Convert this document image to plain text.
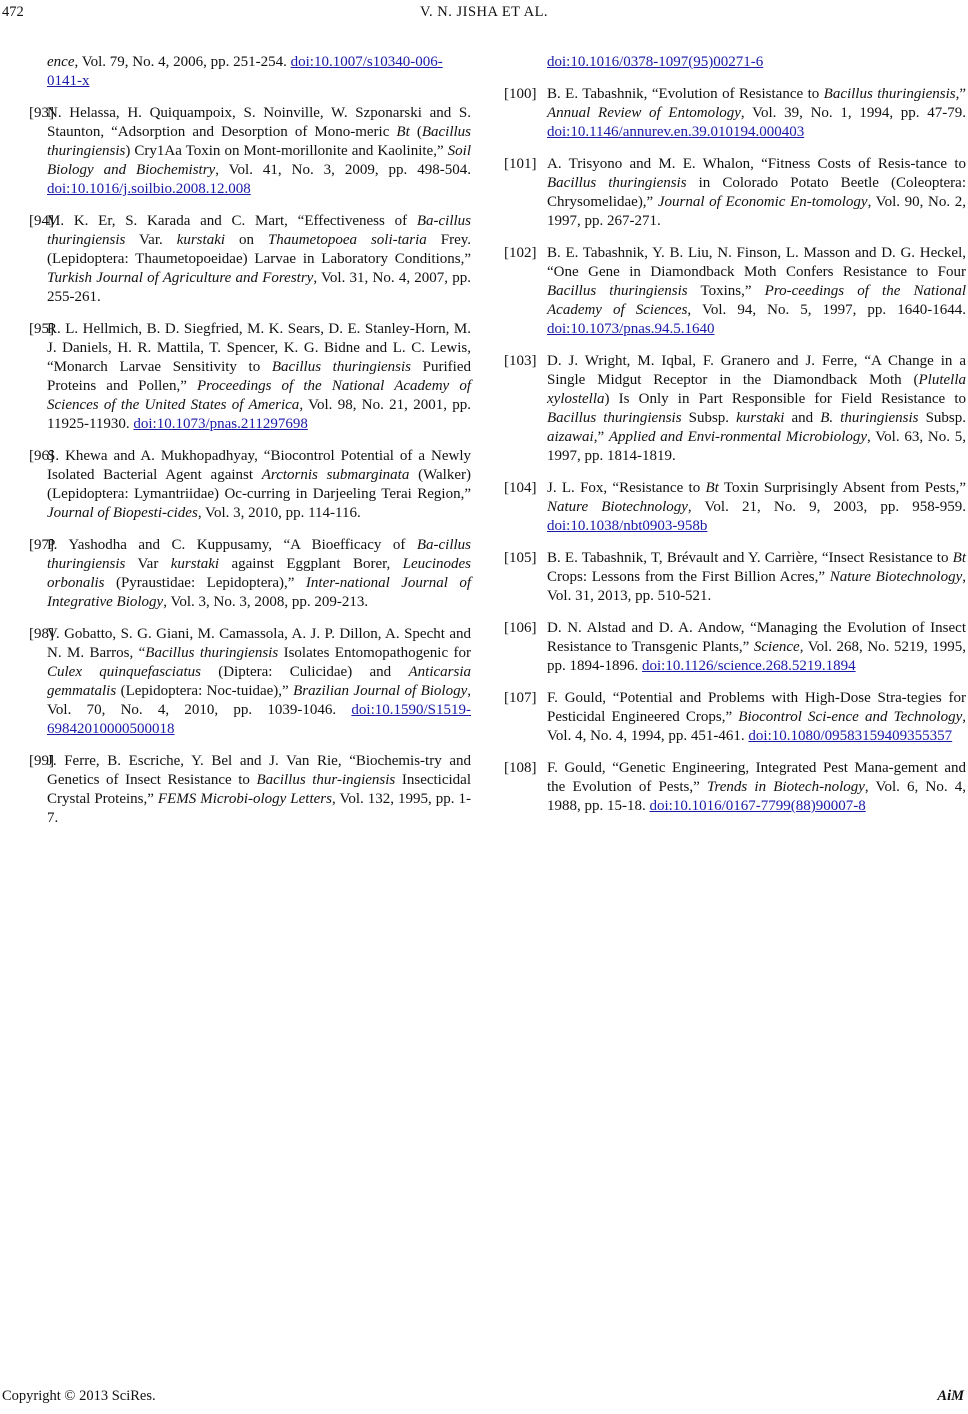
472	V. N. JISHA ET AL.
ence, Vol. 79, No. 4, 2006, pp. 251-254. doi:10.1007/s10340-006-0141-x
[93]
N. Helassa, H. Quiquampoix, S. Noinville, W. Szponarski and S. Staunton, “Adsorption and Desorption of Mono-meric Bt (Bacillus thuringiensis) Cry1Aa Toxin on Mont-morillonite and Kaolinite,” Soil Biology and Biochemistry, Vol. 41, No. 3, 2009, pp. 498-504. doi:10.1016/j.soilbio.2008.12.008
[94]
M. K. Er, S. Karada and C. Mart, “Effectiveness of Ba-cillus thuringiensis Var. kurstaki on Thaumetopoea soli-taria Frey. (Lepidoptera: Thaumetopoeidae) Larvae in Laboratory Conditions,” Turkish Journal of Agriculture and Forestry, Vol. 31, No. 4, 2007, pp. 255-261.
[95]
R. L. Hellmich, B. D. Siegfried, M. K. Sears, D. E. Stanley-Horn, M. J. Daniels, H. R. Mattila, T. Spencer, K. G. Bidne and L. C. Lewis, “Monarch Larvae Sensitivity to Bacillus thuringiensis Purified Proteins and Pollen,” Proceedings of the National Academy of Sciences of the United States of America, Vol. 98, No. 21, 2001, pp. 11925-11930. doi:10.1073/pnas.211297698
[96]
S. Khewa and A. Mukhopadhyay, “Biocontrol Potential of a Newly Isolated Bacterial Agent against Arctornis submarginata (Walker) (Lepidoptera: Lymantriidae) Oc-curring in Darjeeling Terai Region,” Journal of Biopesti-cides, Vol. 3, 2010, pp. 114-116.
[97]
P. Yashodha and C. Kuppusamy, “A Bioefficacy of Ba-cillus thuringiensis Var kurstaki against Eggplant Borer, Leucinodes orbonalis (Pyraustidae: Lepidoptera),” Inter-national Journal of Integrative Biology, Vol. 3, No. 3, 2008, pp. 209-213.
[98]
V. Gobatto, S. G. Giani, M. Camassola, A. J. P. Dillon, A. Specht and N. M. Barros, “Bacillus thuringiensis Isolates Entomopathogenic for Culex quinquefasciatus (Diptera: Culicidae) and Anticarsia gemmatalis (Lepidoptera: Noc-tuidae),” Brazilian Journal of Biology, Vol. 70, No. 4, 2010, pp. 1039-1046. doi:10.1590/S1519-69842010000500018
[99]
J. Ferre, B. Escriche, Y. Bel and J. Van Rie, “Biochemis-try and Genetics of Insect Resistance to Bacillus thur-ingiensis Insecticidal Crystal Proteins,” FEMS Microbi-ology Letters, Vol. 132, 1995, pp. 1-7.
doi:10.1016/0378-1097(95)00271-6
[100] B. E. Tabashnik, “Evolution of Resistance to Bacillus thuringiensis,” Annual Review of Entomology, Vol. 39, No. 1, 1994, pp. 47-79. doi:10.1146/annurev.en.39.010194.000403
[101] A. Trisyono and M. E. Whalon, “Fitness Costs of Resis-tance to Bacillus thuringiensis in Colorado Potato Beetle (Coleoptera: Chrysomelidae),” Journal of Economic En-tomology, Vol. 90, No. 2, 1997, pp. 267-271.
[102] B. E. Tabashnik, Y. B. Liu, N. Finson, L. Masson and D. G. Heckel, “One Gene in Diamondback Moth Confers Resistance to Four Bacillus thuringiensis Toxins,” Pro-ceedings of the National Academy of Sciences, Vol. 94, No. 5, 1997, pp. 1640-1644. doi:10.1073/pnas.94.5.1640
[103] D. J. Wright, M. Iqbal, F. Granero and J. Ferre, “A Change in a Single Midgut Receptor in the Diamondback Moth (Plutella xylostella) Is Only in Part Responsible for Field Resistance to Bacillus thuringiensis Subsp. kurstaki and B. thuringiensis Subsp. aizawai,” Applied and Envi-ronmental Microbiology, Vol. 63, No. 5, 1997, pp. 1814-1819.
[104] J. L. Fox, “Resistance to Bt Toxin Surprisingly Absent from Pests,” Nature Biotechnology, Vol. 21, No. 9, 2003, pp. 958-959. doi:10.1038/nbt0903-958b
[105] B. E. Tabashnik, T, Brévault and Y. Carrière, “Insect Resistance to Bt Crops: Lessons from the First Billion Acres,” Nature Biotechnology, Vol. 31, 2013, pp. 510-521.
[106] D. N. Alstad and D. A. Andow, “Managing the Evolution of Insect Resistance to Transgenic Plants,” Science, Vol. 268, No. 5219, 1995, pp. 1894-1896. doi:10.1126/science.268.5219.1894
[107] F. Gould, “Potential and Problems with High-Dose Stra-tegies for Pesticidal Engineered Crops,” Biocontrol Sci-ence and Technology, Vol. 4, No. 4, 1994, pp. 451-461. doi:10.1080/09583159409355357
[108] F. Gould, “Genetic Engineering, Integrated Pest Mana-gement and the Evolution of Pests,” Trends in Biotech-nology, Vol. 6, No. 4, 1988, pp. 15-18. doi:10.1016/0167-7799(88)90007-8
Copyright © 2013 SciRes.	AiM
